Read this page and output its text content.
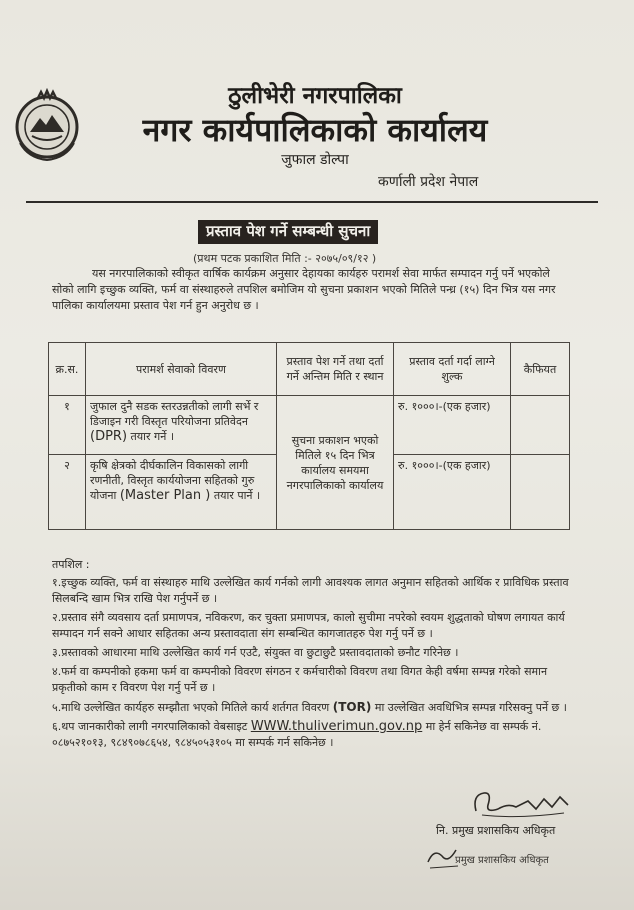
ठुलीभेरी नगरपालिका
नगर कार्यपालिकाको कार्यालय
जुफाल डोल्पा
कर्णाली प्रदेश नेपाल
प्रस्ताव पेश गर्ने सम्बन्धी सुचना
(प्रथम पटक प्रकाशित मिति :- २०७५/०९/१२ )
यस नगरपालिकाको स्वीकृत वार्षिक कार्यक्रम अनुसार देहायका कार्यहरु परामर्श सेवा मार्फत सम्पादन गर्नु पर्ने भएकोले सोको लागि इच्छुक व्यक्ति, फर्म वा संस्थाहरुले तपशिल बमोजिम यो सुचना प्रकाशन भएको मितिले पन्ध्र (१५) दिन भित्र यस नगर पालिका कार्यालयमा प्रस्ताव पेश गर्न हुन अनुरोध छ ।
क्र.स.	परामर्श सेवाको विवरण	प्रस्ताव पेश गर्ने तथा दर्ता गर्ने अन्तिम मिति र स्थान	प्रस्ताव दर्ता गर्दा लाग्ने शुल्क	कैफियत
१	जुफाल दुनै सडक स्तरउन्नतीको लागी सर्भे र डिजाइन गरी विस्तृत परियोजना प्रतिवेदन (DPR) तयार गर्ने ।	सुचना प्रकाशन भएको मितिले १५ दिन भित्र कार्यालय समयमा नगरपालिकाको कार्यालय	रु. १०००।-(एक हजार)	
२	कृषि क्षेत्रको दीर्घकालिन विकासको लागी रणनीती, विस्तृत कार्ययोजना सहितको गुरु योजना (Master Plan ) तयार पार्ने ।		रु. १०००।-(एक हजार)	
तपशिल :
१.इच्छुक व्यक्ति, फर्म वा संस्थाहरु माथि उल्लेखित कार्य गर्नको लागी आवश्यक लागत अनुमान सहितको आर्थिक र प्राविधिक प्रस्ताव सिलबन्दि खाम भित्र राखि पेश गर्नुपर्ने छ ।
२.प्रस्ताव संगै व्यवसाय दर्ता प्रमाणपत्र, नविकरण, कर चुक्ता प्रमाणपत्र, कालो सुचीमा नपरेको स्वयम शुद्धताको घोषण लगायत कार्य सम्पादन गर्न सक्ने आधार सहितका अन्य प्रस्तावदाता संग सम्बन्धित कागजातहरु पेश गर्नु पर्ने छ ।
३.प्रस्तावको आधारमा माथि उल्लेखित कार्य गर्न एउटै, संयुक्त वा छुटाछुटै प्रस्तावदाताको छनौट गरिनेछ ।
४.फर्म वा कम्पनीको हकमा फर्म वा कम्पनीको विवरण संगठन र कर्मचारीको विवरण तथा विगत केही वर्षमा सम्पन्न गरेको समान प्रकृतीको काम र विवरण पेश गर्नु पर्ने छ ।
५.माथि उल्लेखित कार्यहरु सम्झौता भएको मितिले कार्य शर्तगत विवरण (TOR) मा उल्लेखित अवधिभित्र सम्पन्न गरिसक्नु पर्ने छ ।
६.थप जानकारीको लागी नगरपालिकाको वेबसाइट WWW.thuliverimun.gov.np मा हेर्न सकिनेछ वा सम्पर्क नं. ०८७५२१०१३, ९८४९०७८६५४, ९८४५०५३१०५ मा सम्पर्क गर्न सकिनेछ ।
नि. प्रमुख प्रशासकिय अधिकृत
प्रमुख प्रशासकिय अधिकृत
